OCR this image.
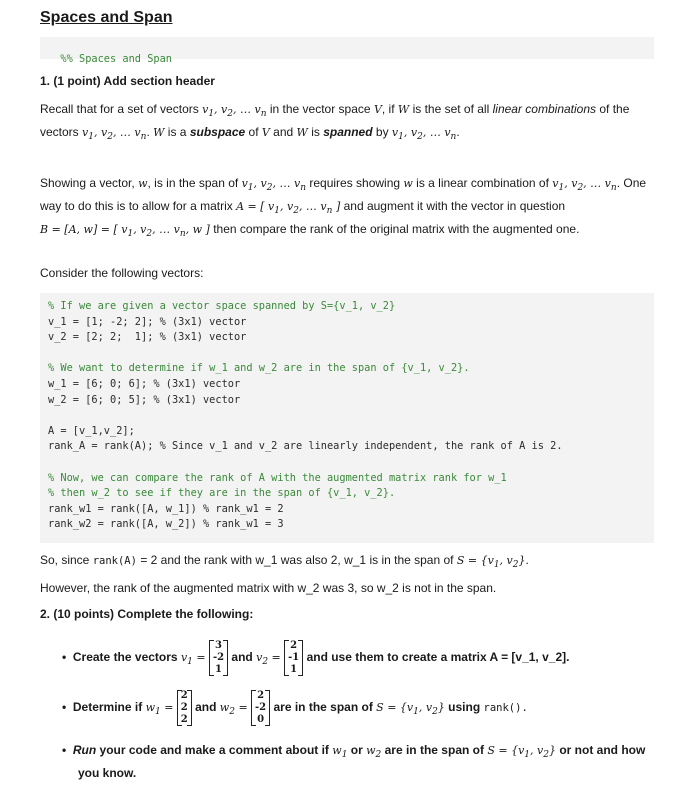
Spaces and Span

%% Spaces and Span

1. (1 point) Add section header
Recall that for a set of vectors $v_1$, $v_2$, … $v_n$ in the vector space V, if W is the set of all linear combinations of the
vectors $v_1$, $v_2$, … $v_n$. W is a subspace of V and W is spanned by $v_1$, $v_2$, … $v_n$.
Showing a vector, w, is in the span of $v_1$, $v_2$, … $v_n$ requires showing w is a linear combination of $v_1$, $v_2$, … $v_n$. One
way to do this is to allow for a matrix A = [ $v_1$, $v_2$, … $v_n$ ] and augment it with the vector in question
B = [A, w] = [ $v_1$, $v_2$, … $v_n$, w ] then compare the rank of the original matrix with the augmented one.
Consider the following vectors:
% If we are given a vector space spanned by S={v_1, v_2}
v_1 = [1; -2; 2]; % (3x1) vector
v_2 = [2; 2;  1]; % (3x1) vector
% We want to determine if w_1 and w_2 are in the span of {v_1, v_2}.
w_1 = [6; 0; 6]; % (3x1) vector
w_2 = [6; 0; 5]; % (3x1) vector
A = [v_1,v_2];
rank_A = rank(A); % Since v_1 and v_2 are linearly independent, the rank of A is 2.
% Now, we can compare the rank of A with the augmented matrix rank for w_1
% then w_2 to see if they are in the span of {v_1, v_2}.
rank_w1 = rank([A, w_1]) % rank_w1 = 2
rank_w2 = rank([A, w_2]) % rank_w1 = 3
So, since rank(A) = 2 and the rank with w_1 was also 2, w_1 is in the span of $S = \{v_1$, $v_2$}.
However, the rank of the augmented matrix with w_2 was 3, so w_2 is not in the span.
2. (10 points) Complete the following:
• Create the vectors $v_1$ =
3
-2
1
and $v_2$ =
2
-1
1
and use them to create a matrix A = [v_1, v_2].
• Determine if $w_1$ =
2
2
2
and $w_2$ =
2
-2
0
are in the span of $S = \{v_1$, $v_2$} using rank().
• Run your code and make a comment about if $w_1$ or $w_2$ are in the span of $S = \{v_1$, $v_2$} or not and how
you know.
